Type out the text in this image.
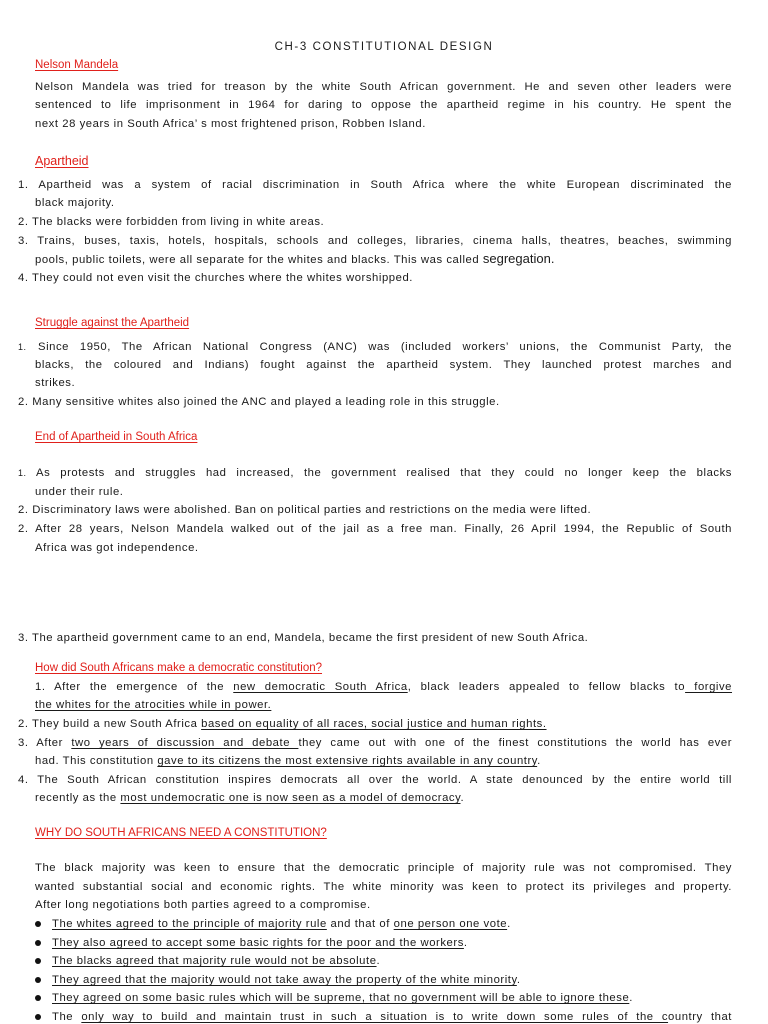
CH-3 CONSTITUTIONAL DESIGN
Nelson Mandela
Nelson Mandela was tried for treason by the white South African government. He and seven other leaders were
sentenced to life imprisonment in 1964 for daring to oppose the apartheid regime in his country. He spent the
next 28 years in South Africa’ s most frightened prison, Robben Island.
Apartheid
1. Apartheid was a system of racial discrimination in South Africa where the white European discriminated the
black majority.
2. The blacks were forbidden from living in white areas.
3. Trains, buses, taxis, hotels, hospitals, schools and colleges, libraries, cinema halls, theatres, beaches, swimming
pools, public toilets, were all separate for the whites and blacks. This was called segregation.
4. They could not even visit the churches where the whites worshipped.
Struggle against the Apartheid
1. Since 1950, The African National Congress (ANC) was (included workers’ unions, the Communist Party, the
blacks, the coloured and Indians) fought against the apartheid system. They launched protest marches and
strikes.
2. Many sensitive whites also joined the ANC and played a leading role in this struggle.
End of Apartheid in South Africa
1. As protests and struggles had increased, the government realised that they could no longer keep the blacks
under their rule.
2. Discriminatory laws were abolished. Ban on political parties and restrictions on the media were lifted.
2. After 28 years, Nelson Mandela walked out of the jail as a free man. Finally, 26 April 1994, the Republic of South
Africa was got independence.
3. The apartheid government came to an end, Mandela, became the first president of new South Africa.
How did South Africans make a democratic constitution?
1. After the emergence of the new democratic South Africa, black leaders appealed to fellow blacks to forgive
the whites for the atrocities while in power.
2. They build a new South Africa based on equality of all races, social justice and human rights.
3. After two years of discussion and debate they came out with one of the finest constitutions the world has ever
had. This constitution gave to its citizens the most extensive rights available in any country.
4. The South African constitution inspires democrats all over the world. A state denounced by the entire world till
recently as the most undemocratic one is now seen as a model of democracy.
WHY DO SOUTH AFRICANS NEED A CONSTITUTION?
The black majority was keen to ensure that the democratic principle of majority rule was not compromised. They
wanted substantial social and economic rights. The white minority was keen to protect its privileges and property.
After long negotiations both parties agreed to a compromise.
The whites agreed to the principle of majority rule and that of one person one vote.
They also agreed to accept some basic rights for the poor and the workers.
The blacks agreed that majority rule would not be absolute.
They agreed that the majority would not take away the property of the white minority.
They agreed on some basic rules which will be supreme, that no government will be able to ignore these.
The only way to build and maintain trust in such a situation is to write down some rules of the country that
